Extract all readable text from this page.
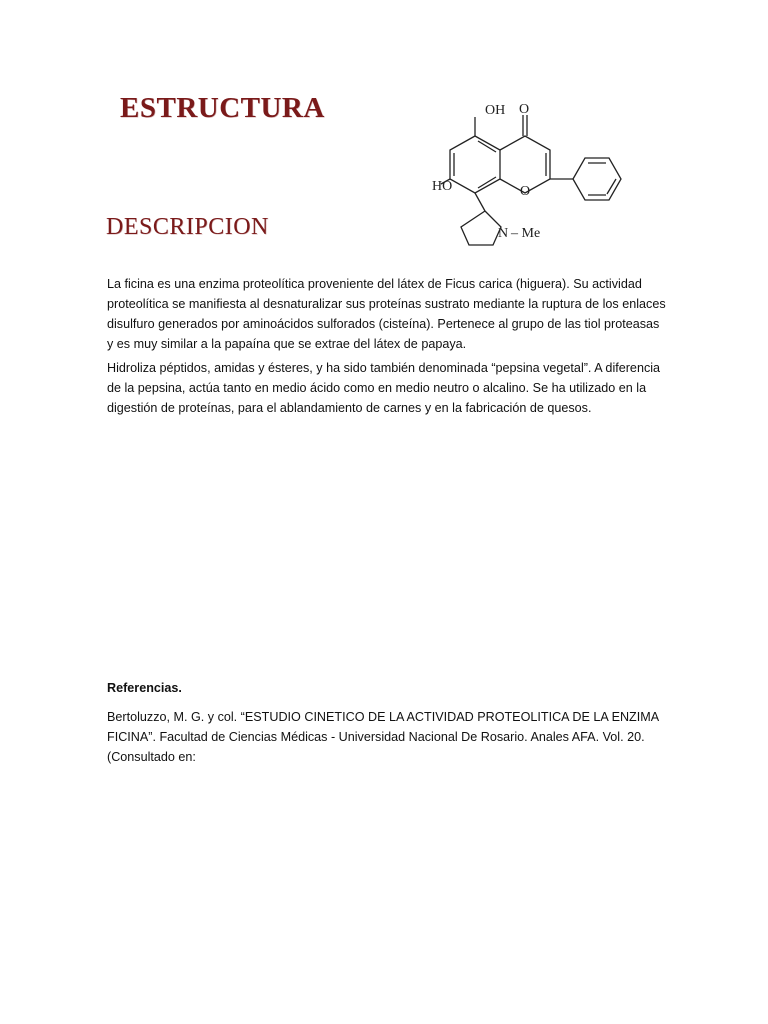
ESTRUCTURA	OH O
HO	O
N – Me
DESCRIPCION

La ficina es una enzima proteolítica proveniente del látex de Ficus carica (higuera). Su actividad proteolítica se manifiesta al desnaturalizar sus proteínas sustrato mediante la ruptura de los enlaces disulfuro generados por aminoácidos sulforados (cisteína). Pertenece al grupo de las tiol proteasas y es muy similar a la papaína que se extrae del látex de papaya.

Hidroliza péptidos, amidas y ésteres, y ha sido también denominada “pepsina vegetal”. A diferencia de la pepsina, actúa tanto en medio ácido como en medio neutro o alcalino. Se ha utilizado en la digestión de proteínas, para el ablandamiento de carnes y en la fabricación de quesos.

Referencias.

Bertoluzzo, M. G. y col. “ESTUDIO CINETICO DE LA ACTIVIDAD PROTEOLITICA DE LA ENZIMA FICINA”. Facultad de Ciencias Médicas - Universidad Nacional De Rosario. Anales AFA. Vol. 20. (Consultado en:
